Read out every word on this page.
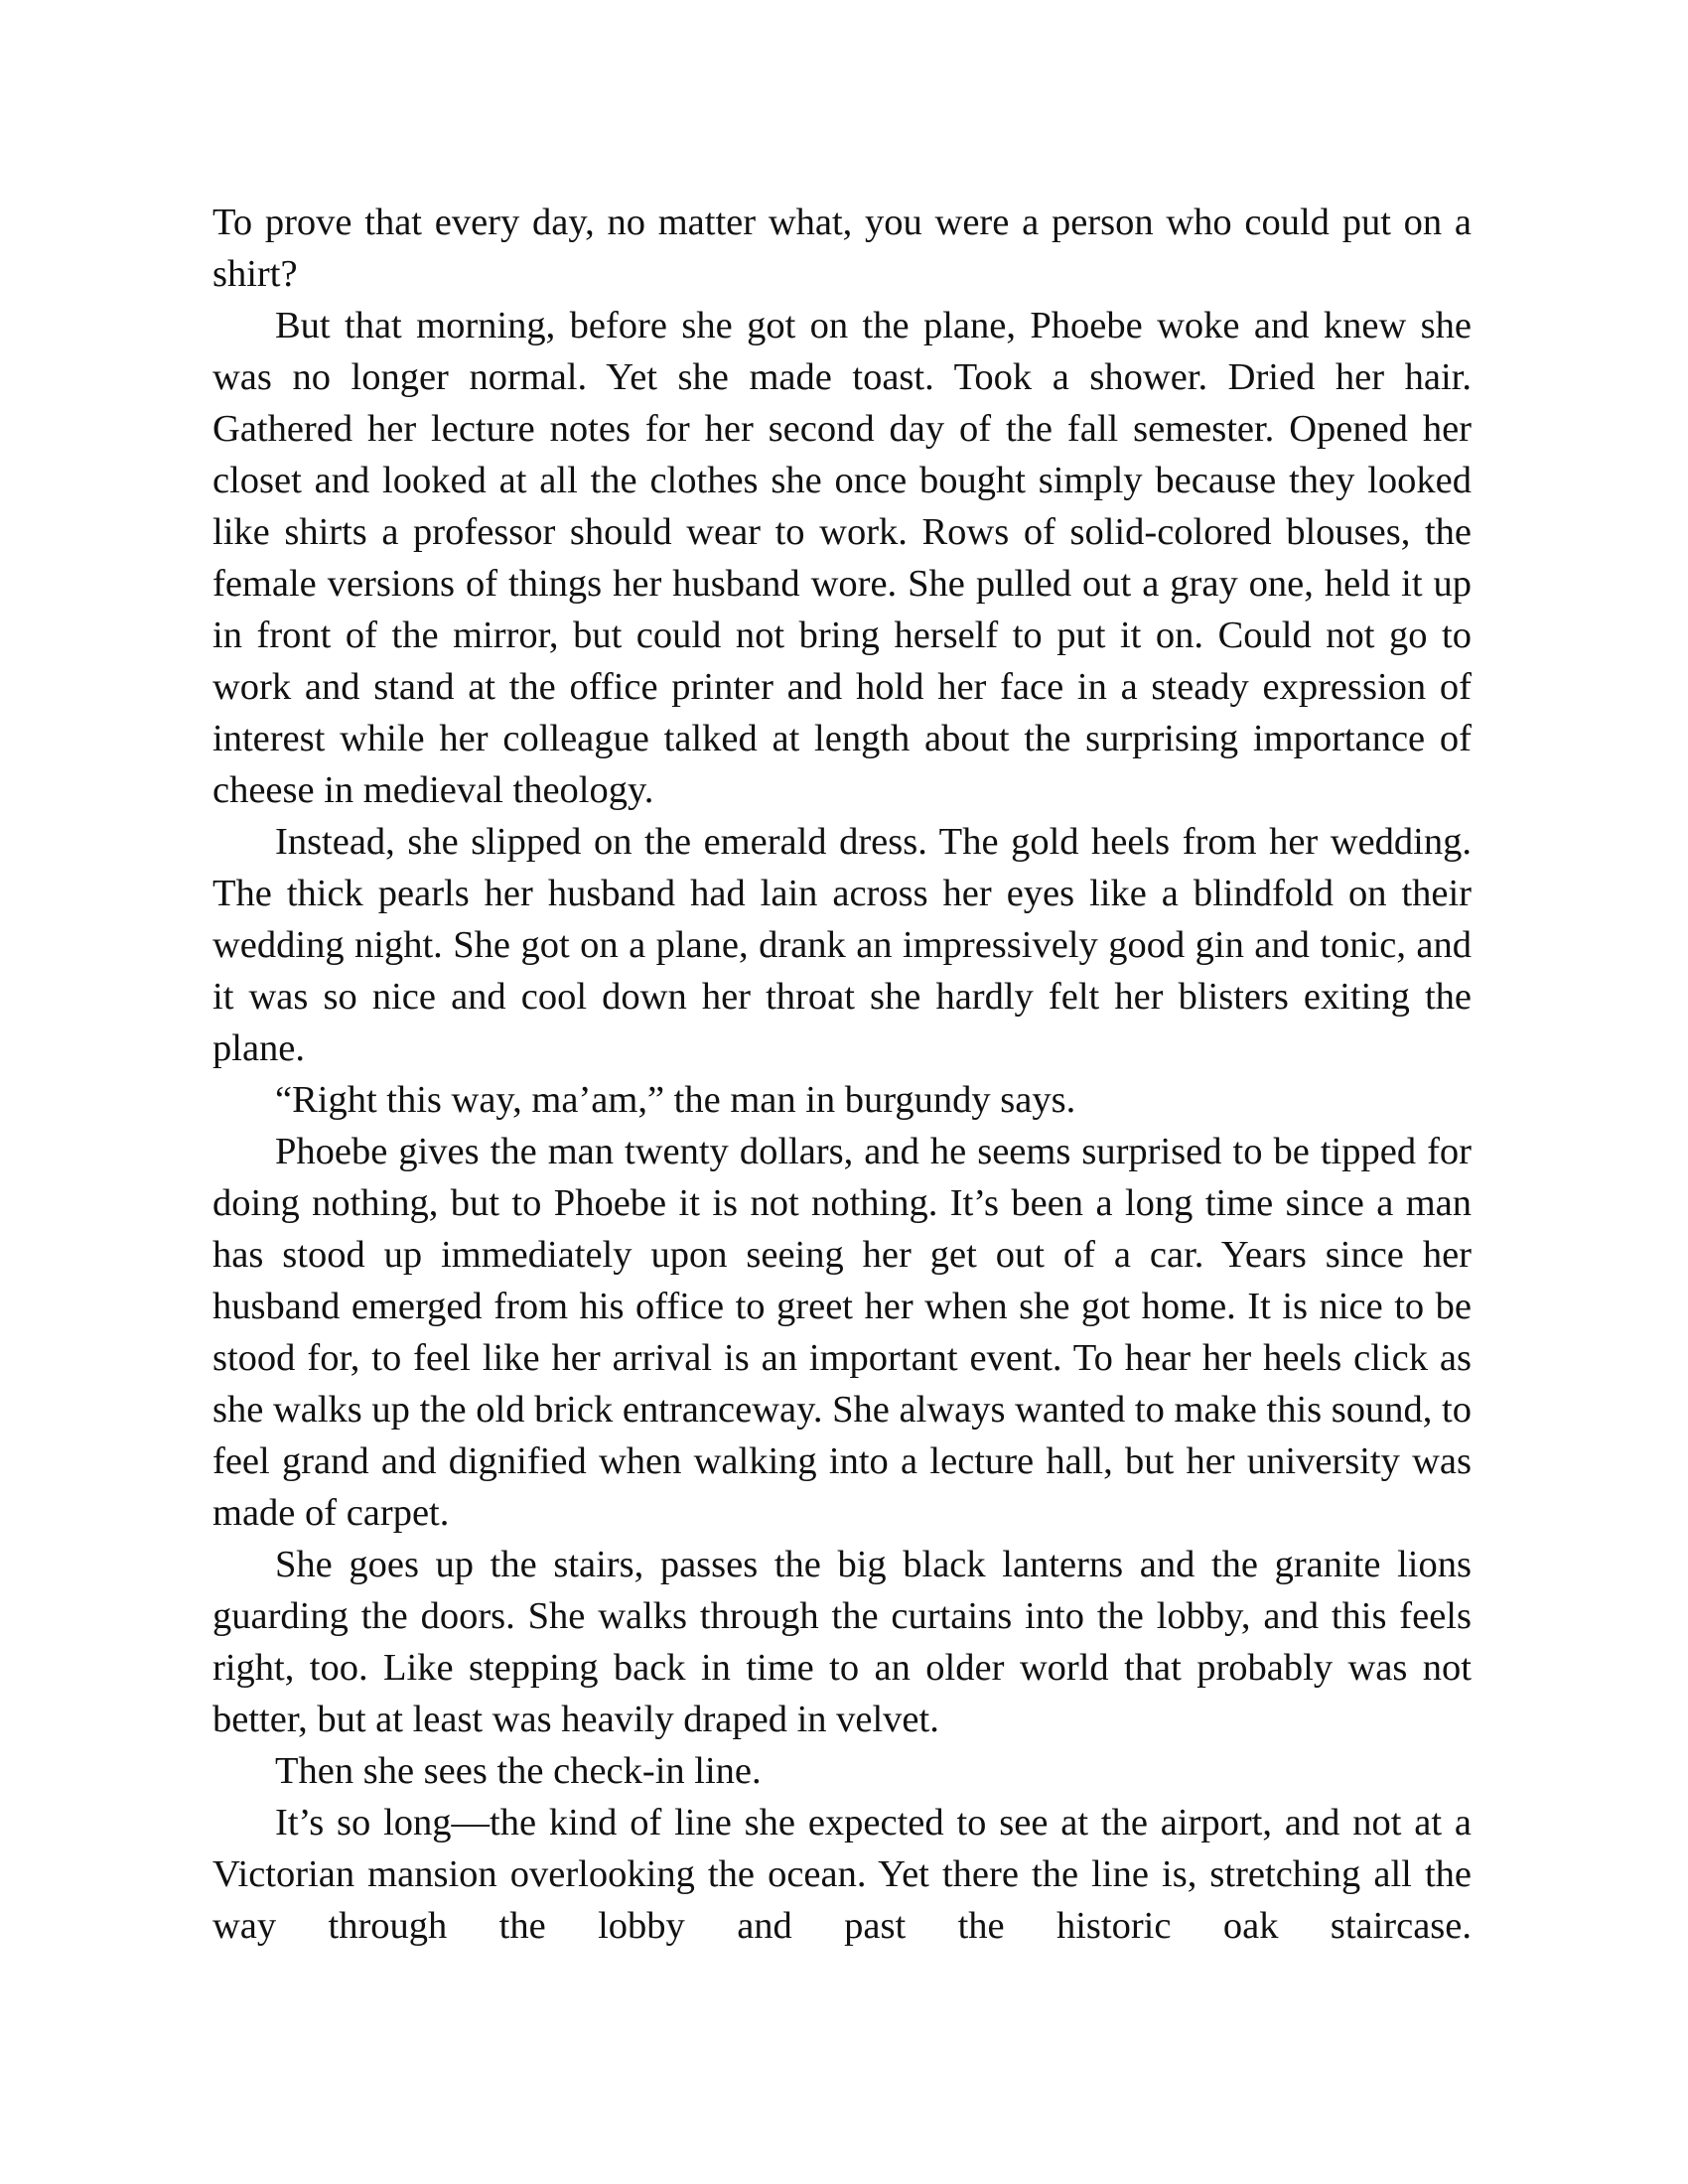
To prove that every day, no matter what, you were a person who could put on a shirt?

But that morning, before she got on the plane, Phoebe woke and knew she was no longer normal. Yet she made toast. Took a shower. Dried her hair. Gathered her lecture notes for her second day of the fall semester. Opened her closet and looked at all the clothes she once bought simply because they looked like shirts a professor should wear to work. Rows of solid-colored blouses, the female versions of things her husband wore. She pulled out a gray one, held it up in front of the mirror, but could not bring herself to put it on. Could not go to work and stand at the office printer and hold her face in a steady expression of interest while her colleague talked at length about the surprising importance of cheese in medieval theology.

Instead, she slipped on the emerald dress. The gold heels from her wedding. The thick pearls her husband had lain across her eyes like a blindfold on their wedding night. She got on a plane, drank an impressively good gin and tonic, and it was so nice and cool down her throat she hardly felt her blisters exiting the plane.

“Right this way, ma’am,” the man in burgundy says.

Phoebe gives the man twenty dollars, and he seems surprised to be tipped for doing nothing, but to Phoebe it is not nothing. It’s been a long time since a man has stood up immediately upon seeing her get out of a car. Years since her husband emerged from his office to greet her when she got home. It is nice to be stood for, to feel like her arrival is an important event. To hear her heels click as she walks up the old brick entranceway. She always wanted to make this sound, to feel grand and dignified when walking into a lecture hall, but her university was made of carpet.

She goes up the stairs, passes the big black lanterns and the granite lions guarding the doors. She walks through the curtains into the lobby, and this feels right, too. Like stepping back in time to an older world that probably was not better, but at least was heavily draped in velvet.

Then she sees the check-in line.

It’s so long—the kind of line she expected to see at the airport, and not at a Victorian mansion overlooking the ocean. Yet there the line is, stretching all the way through the lobby and past the historic oak staircase.
